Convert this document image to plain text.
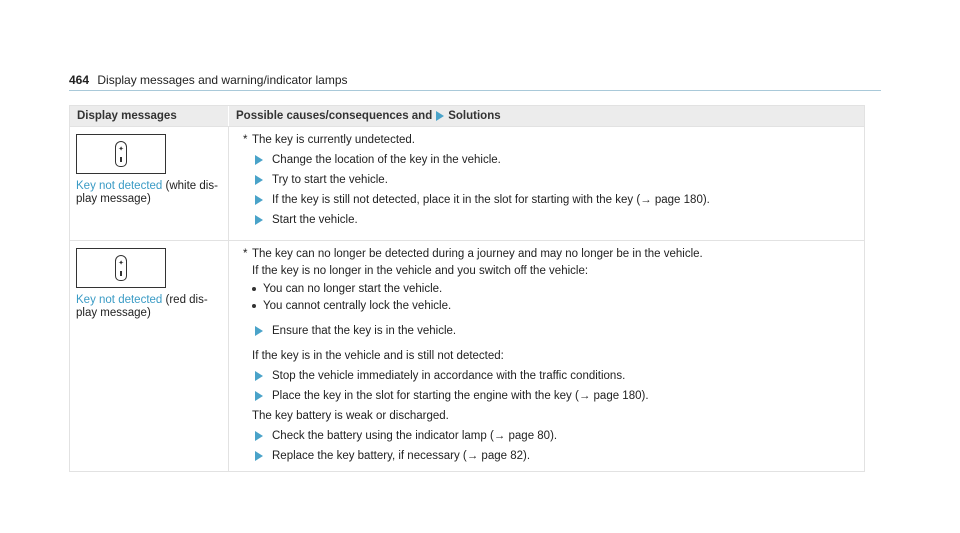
464 Display messages and warning/indicator lamps
Display messages	Possible causes/consequences and Solutions
✦
Key not detected (white dis-
play message)
* The key is currently undetected.
Change the location of the key in the vehicle.
Try to start the vehicle.
If the key is still not detected, place it in the slot for starting with the key (→ page 180).
Start the vehicle.
✦
Key not detected (red dis-
play message)
* The key can no longer be detected during a journey and may no longer be in the vehicle.
If the key is no longer in the vehicle and you switch off the vehicle:
You can no longer start the vehicle.
You cannot centrally lock the vehicle.
Ensure that the key is in the vehicle.
If the key is in the vehicle and is still not detected:
Stop the vehicle immediately in accordance with the traffic conditions.
Place the key in the slot for starting the engine with the key (→ page 180).
The key battery is weak or discharged.
Check the battery using the indicator lamp (→ page 80).
Replace the key battery, if necessary (→ page 82).
